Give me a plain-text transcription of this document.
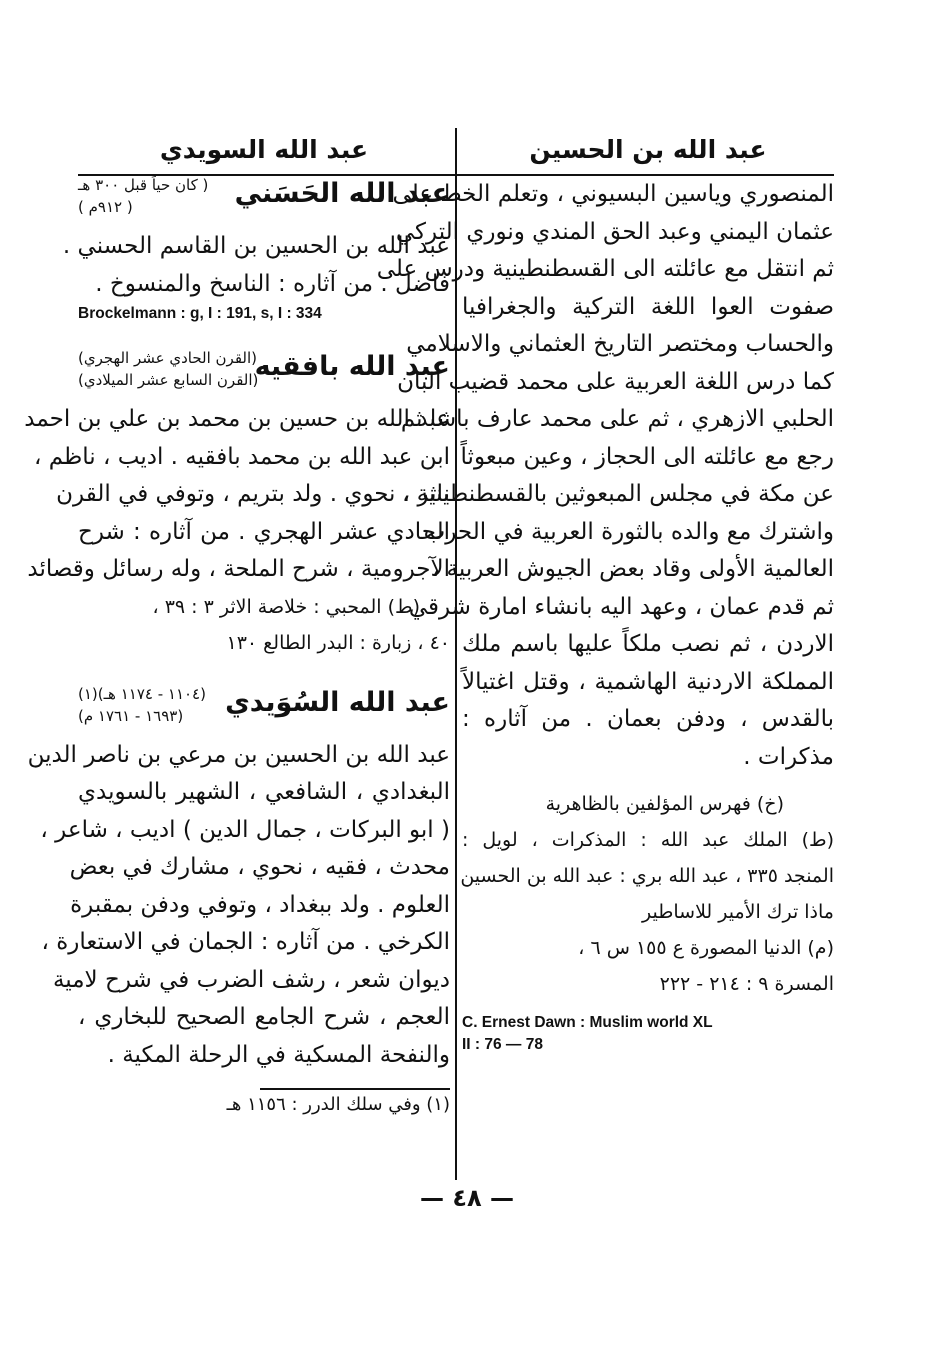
عبد الله بن الحسين
المنصوري وياسين البسيوني ، وتعلم الخط على
عثمان اليمني وعبد الحق المندي ونوري التركي
ثم انتقل مع عائلته الى القسطنطينية ودرس على
صفوت العوا اللغة التركية والجغرافيا
والحساب ومختصر التاريخ العثماني والاسلامي
كما درس اللغة العربية على محمد قضيب البان
الحلبي الازهري ، ثم على محمد عارف باشا ثم
رجع مع عائلته الى الحجاز ، وعين مبعوثاً
عن مكة في مجلس المبعوثين بالقسطنطينية ،
واشترك مع والده بالثورة العربية في الحرب
العالمية الأولى وقاد بعض الجيوش العربية ،
ثم قدم عمان ، وعهد اليه بانشاء امارة شرقي
الاردن ، ثم نصب ملكاً عليها باسم ملك
المملكة الاردنية الهاشمية ، وقتل اغتيالاً
بالقدس ، ودفن بعمان . من آثاره :
مذكرات .
(خ) فهرس المؤلفين بالظاهرية
(ط) الملك عبد الله : المذكرات ، لويل :
المنجد ٣٣٥ ، عبد الله بري : عبد الله بن الحسين
ماذا ترك الأمير للاساطير
(م) الدنيا المصورة ع ١٥٥ س ٦ ،
المسرة ٩ : ٢١٤ - ٢٢٢
C. Ernest Dawn : Muslim world XL
II : 76 — 78
عبد الله السويدي
عبد الله الحَسَني
( كان حياً قبل ٣٠٠ هـ
( ٩١٢م )
عبد الله بن الحسين بن القاسم الحسني .
فاضل . من آثاره : الناسخ والمنسوخ .
Brockelmann : g, I : 191, s, I : 334
عبد الله بافقيه
(القرن الحادي عشر الهجري)
(القرن السابع عشر الميلادي)
عبد الله بن حسين بن محمد بن علي بن احمد
ابن عبد الله بن محمد بافقيه . اديب ، ناظم ،
ناثر ، نحوي . ولد بتريم ، وتوفي في القرن
الحادي عشر الهجري . من آثاره : شرح
الآجرومية ، شرح الملحة ، وله رسائل وقصائد
(ط) المحبي : خلاصة الاثر ٣ : ٣٩ ،
٤٠ ، زبارة : البدر الطالع ١٣٠
عبد الله السُوَيدي
(١١٠٤ - ١١٧٤ هـ)(١)
(١٦٩٣ - ١٧٦١ م)
عبد الله بن الحسين بن مرعي بن ناصر الدين
البغدادي ، الشافعي ، الشهير بالسويدي
( ابو البركات ، جمال الدين ) اديب ، شاعر ،
محدث ، فقيه ، نحوي ، مشارك في بعض
العلوم . ولد ببغداد ، وتوفي ودفن بمقبرة
الكرخي . من آثاره : الجمان في الاستعارة ،
ديوان شعر ، رشف الضرب في شرح لامية
العجم ، شرح الجامع الصحيح للبخاري ،
والنفحة المسكية في الرحلة المكية .
(١) وفي سلك الدرر : ١١٥٦ هـ
— ٤٨ —
